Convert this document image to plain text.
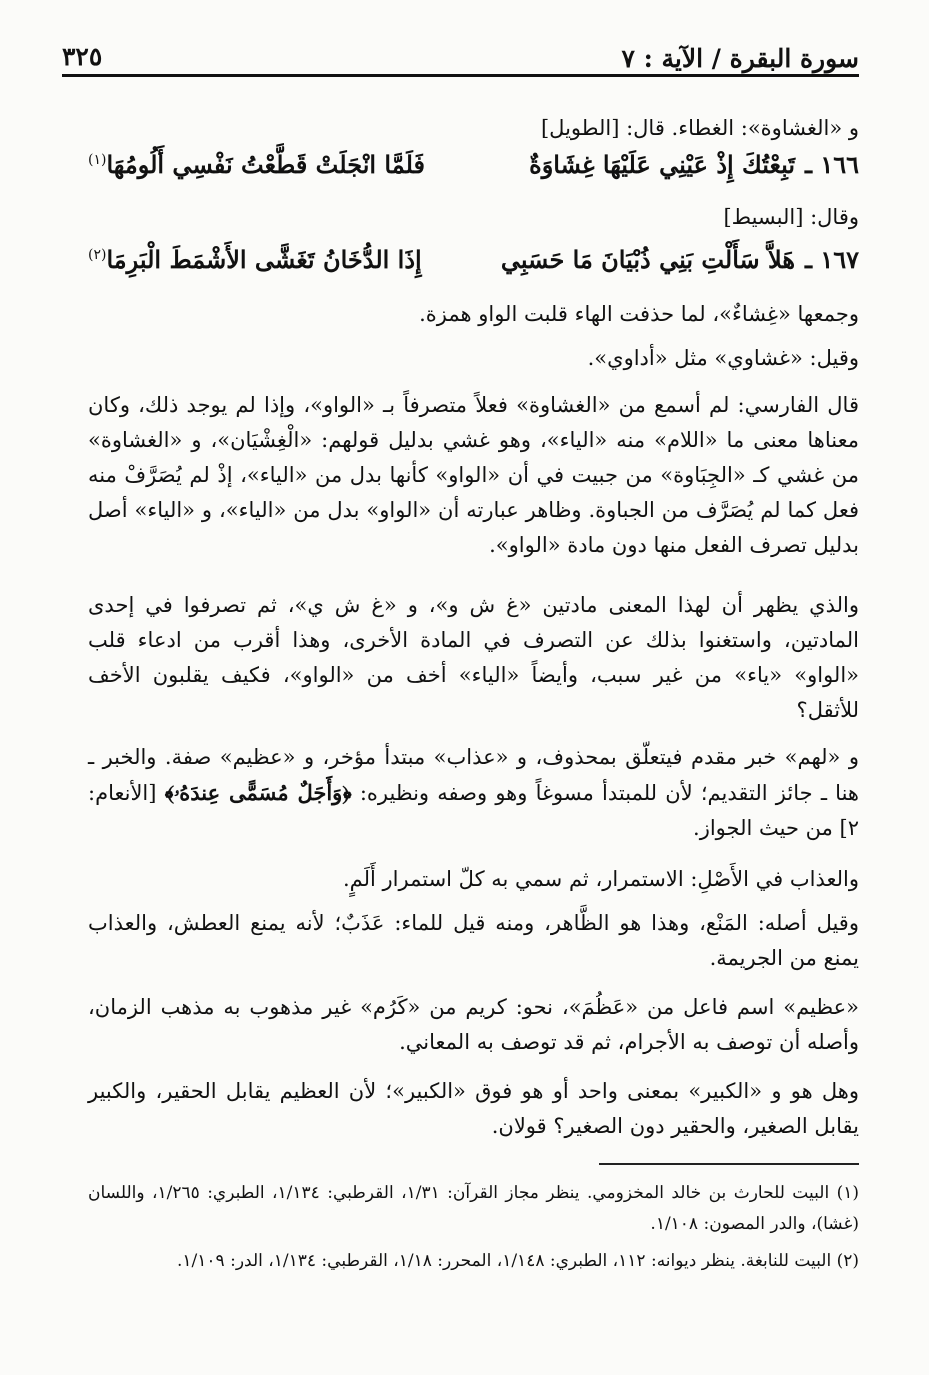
سورة البقرة / الآية : ٧
٣٢٥
و «الغشاوة»: الغطاء. قال: [الطويل]
١٦٦ ـ
تَبِعْتُكَ إِذْ عَيْنِي عَلَيْهَا غِشَاوَةٌ
فَلَمَّا انْجَلَتْ قَطَّعْتُ نَفْسِي أَلُومُهَا$^{(١)}$
وقال: [البسيط]
١٦٧ ـ
هَلاَّ سَأَلْتِ بَنِي ذُبْيَانَ مَا حَسَبِي
إِذَا الدُّخَانُ تَغَشَّى الأَشْمَطَ الْبَرِمَا$^{(٢)}$
وجمعها «غِشاءٌ»، لما حذفت الهاء قلبت الواو همزة.
وقيل: «غشاوي» مثل «أداوي».
قال الفارسي: لم أسمع من «الغشاوة» فعلاً متصرفاً بـ «الواو»، وإذا لم يوجد ذلك، وكان معناها معنى ما «اللام» منه «الياء»، وهو غشي بدليل قولهم: «الْغِشْيَان»، و «الغشاوة» من غشي كـ «الجِبَاوة» من جبيت في أن «الواو» كأنها بدل من «الياء»، إذْ لم يُصَرَّفْ منه فعل كما لم يُصَرَّف من الجباوة. وظاهر عبارته أن «الواو» بدل من «الياء»، و «الياء» أصل بدليل تصرف الفعل منها دون مادة «الواو».
والذي يظهر أن لهذا المعنى مادتين «غ ش و»، و «غ ش ي»، ثم تصرفوا في إحدى المادتين، واستغنوا بذلك عن التصرف في المادة الأخرى، وهذا أقرب من ادعاء قلب «الواو» «ياء» من غير سبب، وأيضاً «الياء» أخف من «الواو»، فكيف يقلبون الأخف للأثقل؟
و «لهم» خبر مقدم فيتعلّق بمحذوف، و «عذاب» مبتدأ مؤخر، و «عظيم» صفة. والخبر ـ هنا ـ جائز التقديم؛ لأن للمبتدأ مسوغاً وهو وصفه ونظيره: ﴿وَأَجَلٌ مُسَمًّى عِندَهُۥ﴾ [الأنعام: ٢] من حيث الجواز.
والعذاب في الأَصْلِ: الاستمرار، ثم سمي به كلّ استمرار أَلَمٍ.
وقيل أصله: المَنْع، وهذا هو الظَّاهر، ومنه قيل للماء: عَذَبٌ؛ لأنه يمنع العطش، والعذاب يمنع من الجريمة.
«عظيم» اسم فاعل من «عَظُمَ»، نحو: كريم من «كَرُم» غير مذهوب به مذهب الزمان، وأصله أن توصف به الأجرام، ثم قد توصف به المعاني.
وهل هو و «الكبير» بمعنى واحد أو هو فوق «الكبير»؛ لأن العظيم يقابل الحقير، والكبير يقابل الصغير، والحقير دون الصغير؟ قولان.
(١) البيت للحارث بن خالد المخزومي. ينظر مجاز القرآن: ١/٣١، القرطبي: ١/١٣٤، الطبري: ١/٢٦٥، واللسان (غشا)، والدر المصون: ١/١٠٨.
(٢) البيت للنابغة. ينظر ديوانه: ١١٢، الطبري: ١/١٤٨، المحرر: ١/١٨، القرطبي: ١/١٣٤، الدر: ١/١٠٩.
